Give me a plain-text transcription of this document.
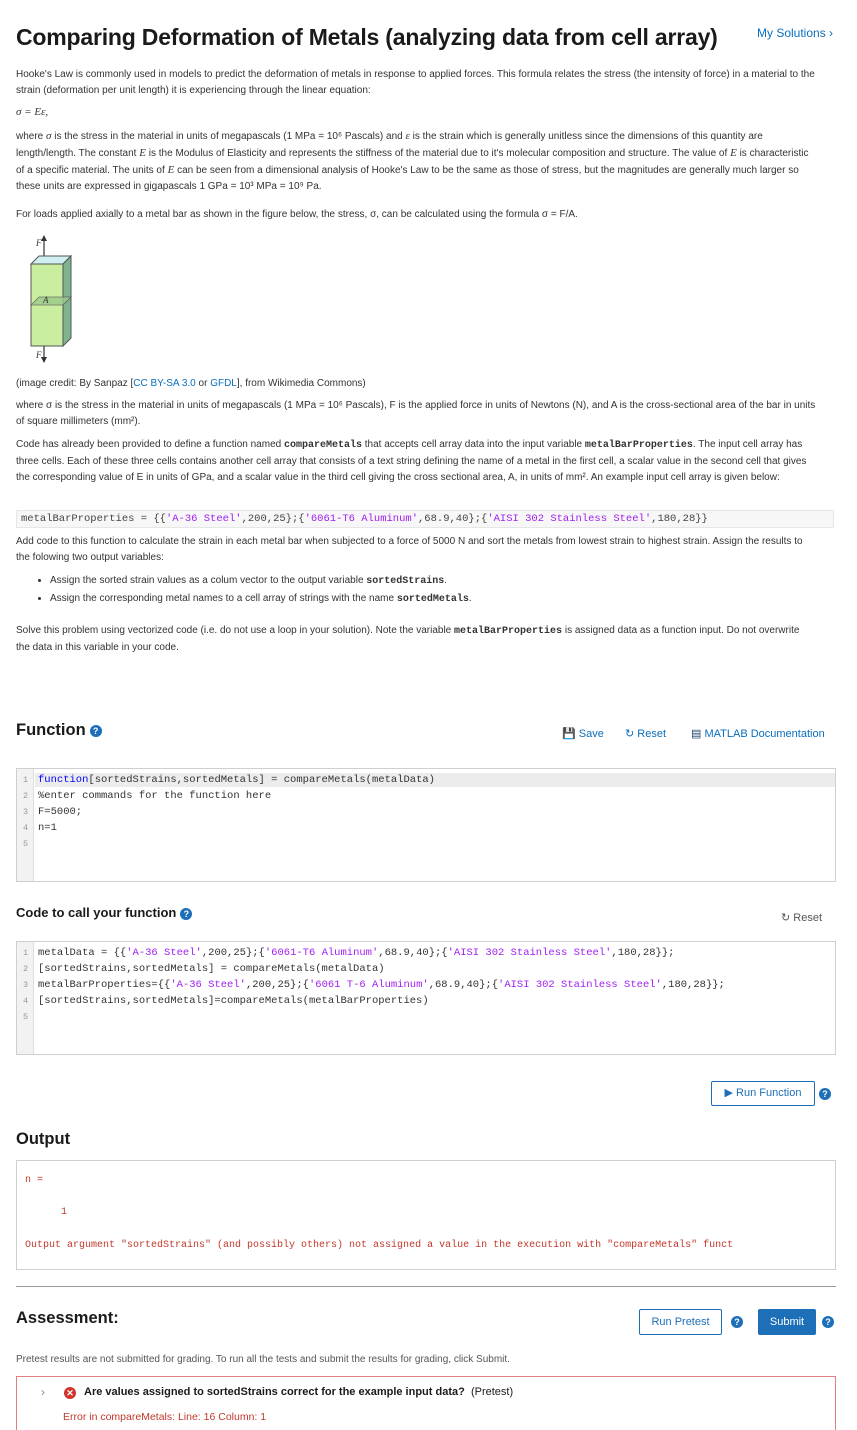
Comparing Deformation of Metals (analyzing data from cell array)	My Solutions ›
Hooke's Law is commonly used in models to predict the deformation of metals in response to applied forces. This formula relates the stress (the intensity of force) in a material to the strain (deformation per unit length) it is experiencing through the linear equation:
σ = Eε,
where σ is the stress in the material in units of megapascals (1 MPa = 10⁶ Pascals) and ε is the strain which is generally unitless since the dimensions of this quantity are length/length. The constant E is the Modulus of Elasticity and represents the stiffness of the material due to it's molecular composition and structure. The value of E is characteristic of a specific material. The units of E can be seen from a dimensional analysis of Hooke's Law to be the same as those of stress, but the magnitudes are generally much larger so these units are expressed in gigapascals 1 GPa = 10³ MPa = 10⁹ Pa.
For loads applied axially to a metal bar as shown in the figure below, the stress, σ, can be calculated using the formula σ = F/A.
F
A
F
(image credit: By Sanpaz [CC BY-SA 3.0 or GFDL], from Wikimedia Commons)
where σ is the stress in the material in units of megapascals (1 MPa = 10⁶ Pascals), F is the applied force in units of Newtons (N), and A is the cross-sectional area of the bar in units of square millimeters (mm²).
Code has already been provided to define a function named compareMetals that accepts cell array data into the input variable metalBarProperties. The input cell array has three cells. Each of these three cells contains another cell array that consists of a text string defining the name of a metal in the first cell, a scalar value in the second cell that gives the corresponding value of E in units of GPa, and a scalar value in the third cell giving the cross sectional area, A, in units of mm². An example input cell array is given below:
metalBarProperties = {{'A-36 Steel',200,25};{'6061-T6 Aluminum',68.9,40};{'AISI 302 Stainless Steel',180,28}}
Add code to this function to calculate the strain in each metal bar when subjected to a force of 5000 N and sort the metals from lowest strain to highest strain. Assign the results to the folowing two output variables:
• Assign the sorted strain values as a colum vector to the output variable sortedStrains.
• Assign the corresponding metal names to a cell array of strings with the name sortedMetals.
Solve this problem using vectorized code (i.e. do not use a loop in your solution). Note the variable metalBarProperties is assigned data as a function input. Do not overwrite the data in this variable in your code.
Function ?	💾 Save ↻ Reset ▤ MATLAB Documentation
1 function[sortedStrains,sortedMetals] = compareMetals(metalData)
2 %enter commands for the function here
3 F=5000;
4 n=1
5
Code to call your function ?	↻ Reset
1 metalData = {{'A-36 Steel',200,25};{'6061-T6 Aluminum',68.9,40};{'AISI 302 Stainless Steel',180,28}};
2 [sortedStrains,sortedMetals] = compareMetals(metalData)
3 metalBarProperties={{'A-36 Steel',200,25};{'6061 T-6 Aluminum',68.9,40};{'AISI 302 Stainless Steel',180,28}};
4 [sortedStrains,sortedMetals]=compareMetals(metalBarProperties)
5
▶ Run Function	?
Output
n =
1
Output argument "sortedStrains" (and possibly others) not assigned a value in the execution with "compareMetals" funct
Assessment:	Run Pretest	?	Submit	?
Pretest results are not submitted for grading. To run all the tests and submit the results for grading, click Submit.
› ✕ Are values assigned to sortedStrains correct for the example input data? (Pretest)
Error in compareMetals: Line: 16 Column: 1
